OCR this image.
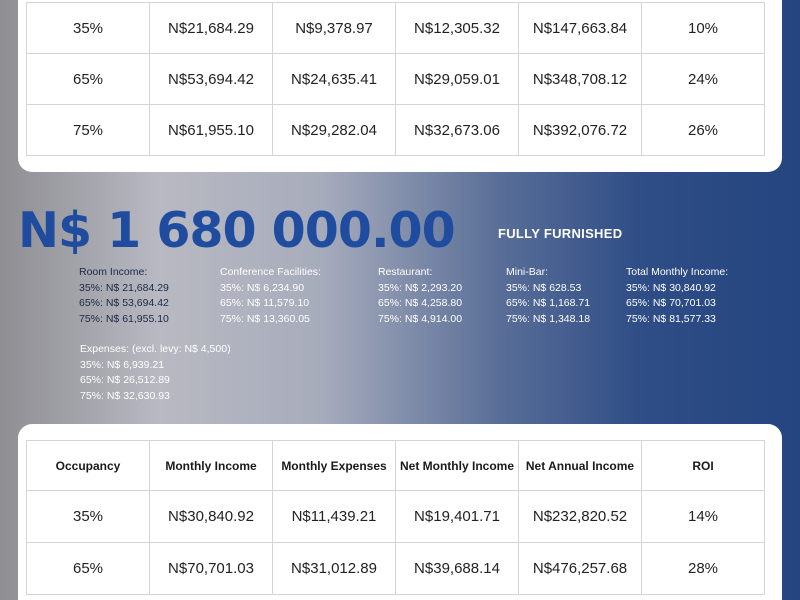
35%	N$21,684.29	N$9,378.97	N$12,305.32	N$147,663.84	10%
65%	N$53,694.42	N$24,635.41	N$29,059.01	N$348,708.12	24%
75%	N$61,955.10	N$29,282.04	N$32,673.06	N$392,076.72	26%
N$ 1 680 000.00	FULLY FURNISHED
Room Income:
35%: N$ 21,684.29
65%: N$ 53,694.42
75%: N$ 61,955.10
Conference Facilities:
35%: N$ 6,234.90
65%: N$ 11,579.10
75%: N$ 13,360.05
Restaurant:
35%: N$ 2,293.20
65%: N$ 4,258.80
75%: N$ 4,914.00
Mini-Bar:
35%: N$ 628.53
65%: N$ 1,168.71
75%: N$ 1,348.18
Total Monthly Income:
35%: N$ 30,840.92
65%: N$ 70,701.03
75%: N$ 81,577.33
Expenses: (excl. levy: N$ 4,500)
35%: N$ 6,939.21
65%: N$ 26,512.89
75%: N$ 32,630.93
Occupancy	Monthly Income	Monthly Expenses	Net Monthly Income	Net Annual Income	ROI
35%	N$30,840.92	N$11,439.21	N$19,401.71	N$232,820.52	14%
65%	N$70,701.03	N$31,012.89	N$39,688.14	N$476,257.68	28%
